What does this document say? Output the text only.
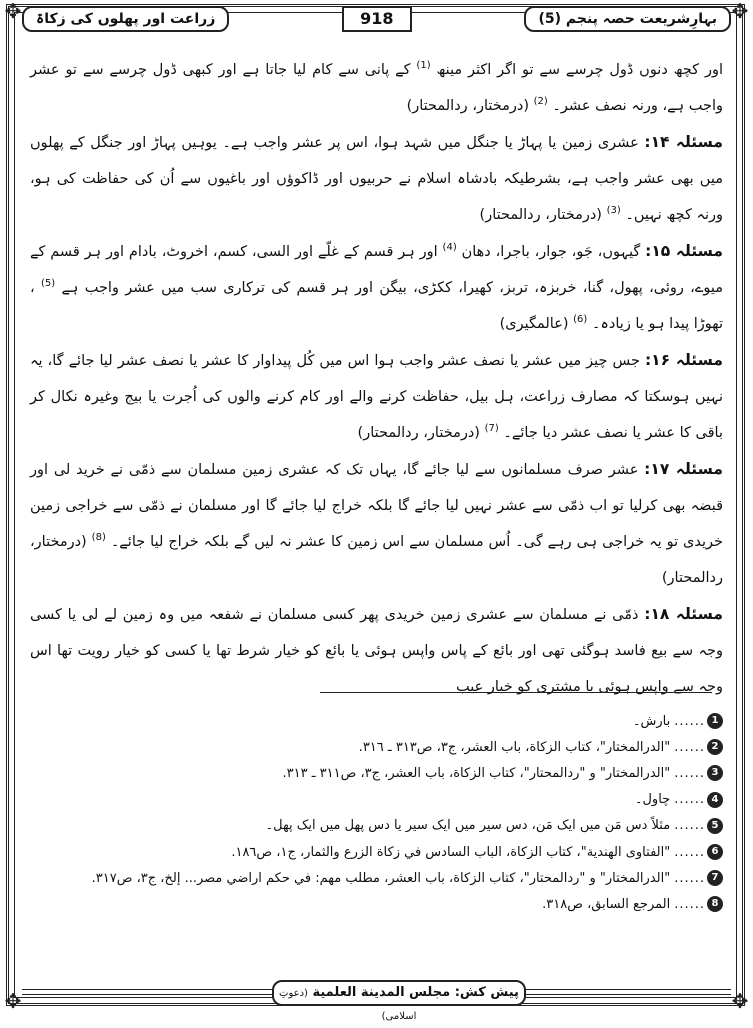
✥	✥
✥	✥
بہارِشریعت حصہ پنجم (5)
918
زراعت اور پھلوں کی زکاۃ

اور کچھ دنوں ڈول چرسے سے تو اگر اکثر مینھ $^{(1)}$ کے پانی سے کام لیا جاتا ہے اور کبھی ڈول چرسے سے تو عشر واجب ہے، ورنہ نصف عشر۔ $^{(2)}$ (درمختار، ردالمحتار)

مسئلہ ۱۴: عشری زمین یا پہاڑ یا جنگل میں شہد ہوا، اس پر عشر واجب ہے۔ یوہیں پہاڑ اور جنگل کے پھلوں میں بھی عشر واجب ہے، بشرطیکہ بادشاہ اسلام نے حربیوں اور ڈاکوؤں اور باغیوں سے اُن کی حفاظت کی ہو، ورنہ کچھ نہیں۔ $^{(3)}$ (درمختار، ردالمحتار)

مسئلہ ۱۵: گیہوں، جَو، جوار، باجرا، دھان $^{(4)}$ اور ہر قسم کے غلّے اور السی، کسم، اخروٹ، بادام اور ہر قسم کے میوے، روئی، پھول، گنا، خربزہ، تربز، کھیرا، ککڑی، بیگن اور ہر قسم کی ترکاری سب میں عشر واجب ہے $^{(5)}$ ، تھوڑا پیدا ہو یا زیادہ۔ $^{(6)}$ (عالمگیری)

مسئلہ ۱۶: جس چیز میں عشر یا نصف عشر واجب ہوا اس میں کُل پیداوار کا عشر یا نصف عشر لیا جائے گا، یہ نہیں ہوسکتا کہ مصارف زراعت، ہل بیل، حفاظت کرنے والے اور کام کرنے والوں کی اُجرت یا بیج وغیرہ نکال کر باقی کا عشر یا نصف عشر دیا جائے۔ $^{(7)}$ (درمختار، ردالمحتار)

مسئلہ ۱۷: عشر صرف مسلمانوں سے لیا جائے گا، یہاں تک کہ عشری زمین مسلمان سے ذمّی نے خرید لی اور قبضہ بھی کرلیا تو اب ذمّی سے عشر نہیں لیا جائے گا بلکہ خراج لیا جائے گا اور مسلمان نے ذمّی سے خراجی زمین خریدی تو یہ خراجی ہی رہے گی۔ اُس مسلمان سے اس زمین کا عشر نہ لیں گے بلکہ خراج لیا جائے۔ $^{(8)}$ (درمختار، ردالمحتار)

مسئلہ ۱۸: ذمّی نے مسلمان سے عشری زمین خریدی پھر کسی مسلمان نے شفعہ میں وہ زمین لے لی یا کسی وجہ سے بیع فاسد ہوگئی تھی اور بائع کے پاس واپس ہوئی یا بائع کو خیار شرط تھا یا کسی کو خیار رویت تھا اس وجہ سے واپس ہوئی یا مشتری کو خیار عیب

1
......
بارش۔
2
......
"الدرالمختار"، كتاب الزكاة، باب العشر، ج٣، ص٣١٣ ـ ٣١٦.
3
......
"الدرالمختار" و "ردالمحتار"، كتاب الزكاة، باب العشر، ج٣، ص٣١١ ـ ٣١٣.
4
......
چاول۔
5
......
مثلاً دس مَن میں ایک مَن، دس سیر میں ایک سیر یا دس پھل میں ایک پھل۔
6
......
"الفتاوى الهندية"، كتاب الزكاة، الباب السادس في زكاة الزرع والثمار، ج١، ص١٨٦.
7
......
"الدرالمختار" و "ردالمحتار"، كتاب الزكاة، باب العشر، مطلب مهم: في حكم اراضي مصر... إلخ، ج٣، ص٣١٧.
8
......
المرجع السابق، ص٣١٨.
پیش کش: مجلس المدينة العلمية (دعوتِ اسلامی)
